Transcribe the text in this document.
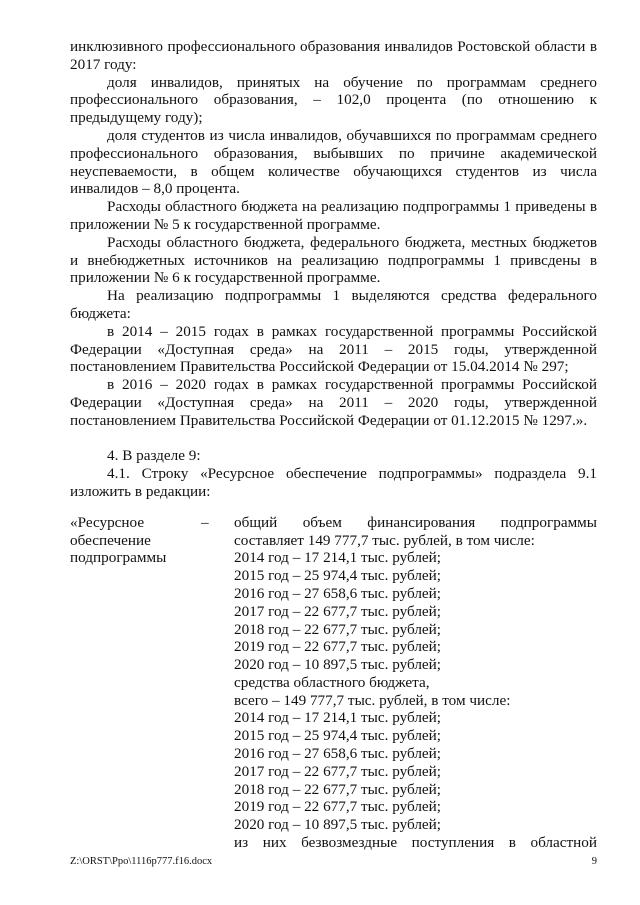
инклюзивного профессионального образования инвалидов Ростовской области в 2017 году:

доля инвалидов, принятых на обучение по программам среднего профессионального образования, – 102,0 процента (по отношению к предыдущему году);

доля студентов из числа инвалидов, обучавшихся по программам среднего профессионального образования, выбывших по причине академической неуспеваемости, в общем количестве обучающихся студентов из числа инвалидов – 8,0 процента.

Расходы областного бюджета на реализацию подпрограммы 1 приведены в приложении № 5 к государственной программе.

Расходы областного бюджета, федерального бюджета, местных бюджетов и внебюджетных источников на реализацию подпрограммы 1 привсдены в приложении № 6 к государственной программе.

На реализацию подпрограммы 1 выделяются средства федерального бюджета:

в 2014 – 2015 годах в рамках государственной программы Российской Федерации «Доступная среда» на 2011 – 2015 годы, утвержденной постановлением Правительства Российской Федерации от 15.04.2014 № 297;

в 2016 – 2020 годах в рамках государственной программы Российской Федерации «Доступная среда» на 2011 – 2020 годы, утвержденной постановлением Правительства Российской Федерации от 01.12.2015 № 1297.».

4. В разделе 9:

4.1. Строку «Ресурсное обеспечение подпрограммы» подраздела 9.1 изложить в редакции:

«Ресурсное обеспечение подпрограммы
–	общий объем финансирования подпрограммы составляет 149 777,7 тыс. рублей, в том числе:

2014 год – 17 214,1 тыс. рублей;

2015 год – 25 974,4 тыс. рублей;

2016 год – 27 658,6 тыс. рублей;

2017 год – 22 677,7 тыс. рублей;

2018 год – 22 677,7 тыс. рублей;

2019 год – 22 677,7 тыс. рублей;

2020 год – 10 897,5 тыс. рублей;

средства областного бюджета,

всего – 149 777,7 тыс. рублей, в том числе:

2014 год – 17 214,1 тыс. рублей;

2015 год – 25 974,4 тыс. рублей;

2016 год – 27 658,6 тыс. рублей;

2017 год – 22 677,7 тыс. рублей;

2018 год – 22 677,7 тыс. рублей;

2019 год – 22 677,7 тыс. рублей;

2020 год – 10 897,5 тыс. рублей;

из них безвозмездные поступления в областной

Z:\ORST\Ppo\1116p777.f16.docx	9
